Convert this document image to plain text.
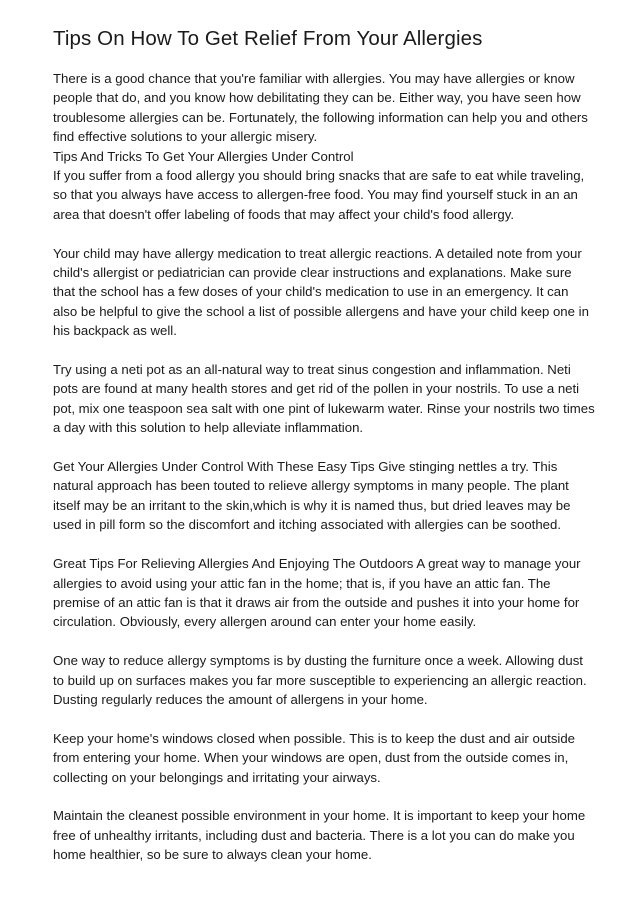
Tips On How To Get Relief From Your Allergies
There is a good chance that you're familiar with allergies. You may have allergies or know
people that do, and you know how debilitating they can be. Either way, you have seen how
troublesome allergies can be. Fortunately, the following information can help you and others
find effective solutions to your allergic misery.
Tips And Tricks To Get Your Allergies Under Control
If you suffer from a food allergy you should bring snacks that are safe to eat while traveling,
so that you always have access to allergen-free food. You may find yourself stuck in an an
area that doesn't offer labeling of foods that may affect your child's food allergy.
Your child may have allergy medication to treat allergic reactions. A detailed note from your
child's allergist or pediatrician can provide clear instructions and explanations. Make sure
that the school has a few doses of your child's medication to use in an emergency. It can
also be helpful to give the school a list of possible allergens and have your child keep one in
his backpack as well.
Try using a neti pot as an all-natural way to treat sinus congestion and inflammation. Neti
pots are found at many health stores and get rid of the pollen in your nostrils. To use a neti
pot, mix one teaspoon sea salt with one pint of lukewarm water. Rinse your nostrils two times
a day with this solution to help alleviate inflammation.
Get Your Allergies Under Control With These Easy Tips Give stinging nettles a try. This
natural approach has been touted to relieve allergy symptoms in many people. The plant
itself may be an irritant to the skin,which is why it is named thus, but dried leaves may be
used in pill form so the discomfort and itching associated with allergies can be soothed.
Great Tips For Relieving Allergies And Enjoying The Outdoors A great way to manage your
allergies to avoid using your attic fan in the home; that is, if you have an attic fan. The
premise of an attic fan is that it draws air from the outside and pushes it into your home for
circulation. Obviously, every allergen around can enter your home easily.
One way to reduce allergy symptoms is by dusting the furniture once a week. Allowing dust
to build up on surfaces makes you far more susceptible to experiencing an allergic reaction.
Dusting regularly reduces the amount of allergens in your home.
Keep your home's windows closed when possible. This is to keep the dust and air outside
from entering your home. When your windows are open, dust from the outside comes in,
collecting on your belongings and irritating your airways.
Maintain the cleanest possible environment in your home. It is important to keep your home
free of unhealthy irritants, including dust and bacteria. There is a lot you can do make you
home healthier, so be sure to always clean your home.
